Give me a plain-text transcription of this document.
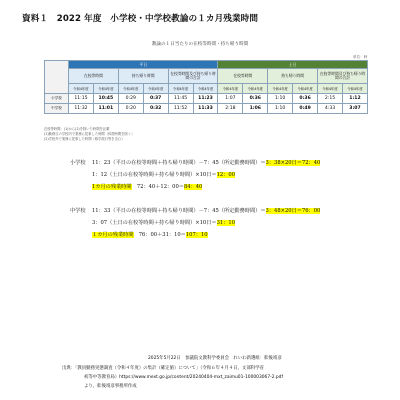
資料１　2022 年度　小学校・中学校教論の１カ月残業時間
教論の１日当たりの在校等時間・持ち帰り時間
単位：時
	平日						土日					
	在校等時間		持ち帰り時間		在校等時間及び持ち帰り時間の合計		在校等時間		持ち帰り時間		在校等時間及び持ち帰り時間の合計	
	令和4年度	令和4年度	令和4年度	令和4年度	令和4年度	令和4年度	令和4年度	令和4年度	令和4年度	令和4年度	令和4年度	令和4年度
小学校	11:15	10:45	0:29	0:37	11:45	11:23	1:07	0:36	1:10	0:36	2:15	1:12
中学校	11:32	11:01	0:20	0:32	11:52	11:33	2:18	1:06	1:10	0:49	4:33	3:07
在校等時間：(1)から(2)を除いた時間を記載
(1)勤務日の学校内で業務に従事した時間（休憩時間を除く）
(2)学校外で業務に従事した時間（修学旅行等を含む）
小学校 11：23（平日の在校等時間＋持ち帰り時間）－7：45（所定勤務時間）＝3：38×20日＝72：40
1：12（土日の在校等時間＋持ち帰り時間）×10日＝12：00
1カ月の残業時間　72：40＋12：00＝84：40
中学校 11：33（平日の在校等時間＋持ち帰り時間）－7：45（所定勤務時間）＝3：48×20日＝76：00
3：07（土日の在校等時間＋持ち帰り時間）×10日＝31：10
１カ月の残業時間　76：00＋31：10＝107：10
2025年5月22日　参議院文教科学委員会　れいわ新選組：舩後靖彦
出典：「教員勤務実態調査（令和４年度）の集計（確定値）について」（令和６年４月４日，文部科学省
初等中等教育局）https://www.mext.go.jp/content/20240404-mxt_zaimu01-100003067-2.pdf
より、舩後靖彦事務所作成
